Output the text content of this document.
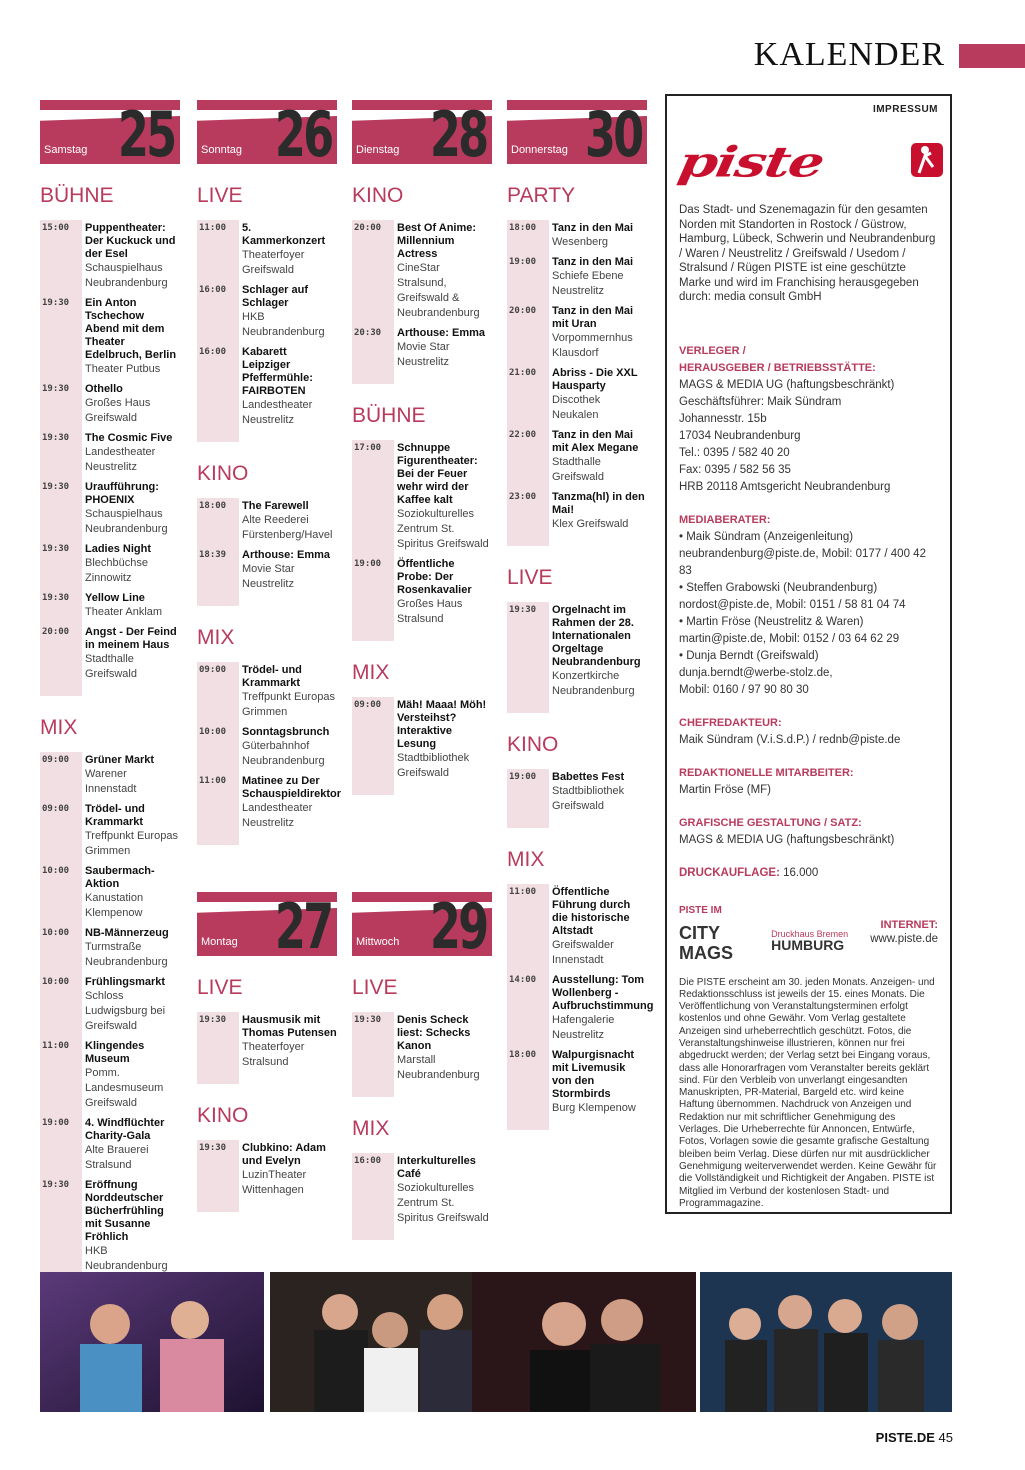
KALENDER
25
Samstag
BÜHNE
15:00 Puppentheater: Der Kuckuck und der Esel
Schauspielhaus Neubrandenburg
19:30 Ein Anton Tschechow Abend mit dem Theater Edelbruch, Berlin
Theater Putbus
19:30 Othello
Großes Haus Greifswald
19:30 The Cosmic Five
Landestheater Neustrelitz
19:30 Uraufführung: PHOENIX
Schauspielhaus Neubrandenburg
19:30 Ladies Night
Blechbüchse Zinnowitz
19:30 Yellow Line
Theater Anklam
20:00 Angst - Der Feind in meinem Haus
Stadthalle Greifswald
MIX
09:00 Grüner Markt
Warener Innenstadt
09:00 Trödel- und Krammarkt
Treffpunkt Europas Grimmen
10:00 Saubermach-Aktion
Kanustation Klempenow
10:00 NB-Männerzeug
Turmstraße Neubrandenburg
10:00 Frühlingsmarkt
Schloss Ludwigsburg bei Greifswald
11:00 Klingendes Museum
Pomm. Landesmuseum Greifswald
19:00 4. Windflüchter Charity-Gala
Alte Brauerei Stralsund
19:30 Eröffnung Norddeutscher Bücherfrühling mit Susanne Fröhlich
HKB Neubrandenburg
26
Sonntag
LIVE
11:00 5. Kammerkonzert
Theaterfoyer Greifswald
16:00 Schlager auf Schlager
HKB Neubrandenburg
16:00 Kabarett Leipziger Pfeffermühle: FAIRBOTEN
Landestheater Neustrelitz
KINO
18:00 The Farewell
Alte Reederei Fürstenberg/Havel
18:39 Arthouse: Emma
Movie Star Neustrelitz
MIX
09:00 Trödel- und Krammarkt
Treffpunkt Europas Grimmen
10:00 Sonntagsbrunch
Güterbahnhof Neubrandenburg
11:00 Matinee zu Der Schauspieldirektor
Landestheater Neustrelitz
28
Dienstag
KINO
20:00 Best Of Anime: Millennium Actress
CineStar Stralsund, Greifswald & Neubrandenburg
20:30 Arthouse: Emma
Movie Star Neustrelitz
BÜHNE
17:00 Schnuppe Figurentheater: Bei der Feuer wehr wird der Kaffee kalt
Soziokulturelles Zentrum St. Spiritus Greifswald
19:00 Öffentliche Probe: Der Rosenkavalier
Großes Haus Stralsund
MIX
09:00 Mäh! Maaa! Möh! Versteihst? Interaktive Lesung
Stadtbibliothek Greifswald
30
Donnerstag
PARTY
18:00 Tanz in den Mai
Wesenberg
19:00 Tanz in den Mai
Schiefe Ebene Neustrelitz
20:00 Tanz in den Mai mit Uran
Vorpommernhus Klausdorf
21:00 Abriss - Die XXL Hausparty
Discothek Neukalen
22:00 Tanz in den Mai mit Alex Megane
Stadthalle Greifswald
23:00 Tanzma(hl) in den Mai!
Klex Greifswald
LIVE
19:30 Orgelnacht im Rahmen der 28. Internationalen Orgeltage Neubrandenburg
Konzertkirche Neubrandenburg
KINO
19:00 Babettes Fest
Stadtbibliothek Greifswald
MIX
11:00 Öffentliche Führung durch die historische Altstadt
Greifswalder Innenstadt
14:00 Ausstellung: Tom Wollenberg - Aufbruchstimmung
Hafengalerie Neustrelitz
18:00 Walpurgisnacht mit Livemusik von den Stormbirds
Burg Klempenow
27
Montag
LIVE
19:30 Hausmusik mit Thomas Putensen
Theaterfoyer Stralsund
KINO
19:30 Clubkino: Adam und Evelyn
LuzinTheater Wittenhagen
29
Mittwoch
LIVE
19:30 Denis Scheck liest: Schecks Kanon
Marstall Neubrandenburg
MIX
16:00 Interkulturelles Café
Soziokulturelles Zentrum St. Spiritus Greifswald
IMPRESSUM
piste
Das Stadt- und Szenemagazin für den gesamten Norden mit Standorten in Rostock / Güstrow, Hamburg, Lübeck, Schwerin und Neubrandenburg / Waren / Neustrelitz / Greifswald / Usedom / Stralsund / Rügen PISTE ist eine geschützte Marke und wird im Franchising herausgegeben durch: media consult GmbH
VERLEGER /
HERAUSGEBER / BETRIEBSSTÄTTE:
MAGS & MEDIA UG (haftungsbeschränkt)
Geschäftsführer: Maik Sündram
Johannesstr. 15b
17034 Neubrandenburg
Tel.: 0395 / 582 40 20
Fax: 0395 / 582 56 35
HRB 20118 Amtsgericht Neubrandenburg
MEDIABERATER:
• Maik Sündram (Anzeigenleitung)
neubrandenburg@piste.de, Mobil: 0177 / 400 42 83
• Steffen Grabowski (Neubrandenburg)
nordost@piste.de, Mobil: 0151 / 58 81 04 74
• Martin Fröse (Neustrelitz & Waren)
martin@piste.de, Mobil: 0152 / 03 64 62 29
• Dunja Berndt (Greifswald)
dunja.berndt@werbe-stolz.de,
Mobil: 0160 / 97 90 80 30
CHEFREDAKTEUR:
Maik Sündram (V.i.S.d.P.) / rednb@piste.de
REDAKTIONELLE MITARBEITER:
Martin Fröse (MF)
GRAFISCHE GESTALTUNG / SATZ:
MAGS & MEDIA UG (haftungsbeschränkt)
DRUCKAUFLAGE: 16.000
PISTE IM
CITY
MAGS
Druckhaus Bremen
HUMBURG
INTERNET:
www.piste.de
Die PISTE erscheint am 30. jeden Monats. Anzeigen- und Redaktionsschluss ist jeweils der 15. eines Monats. Die Veröffentlichung von Veranstaltungsterminen erfolgt kostenlos und ohne Gewähr. Vom Verlag gestaltete Anzeigen sind urheberrechtlich geschützt. Fotos, die Veranstaltungshinweise illustrieren, können nur frei abgedruckt werden; der Verlag setzt bei Eingang voraus, dass alle Honorarfragen vom Veranstalter bereits geklärt sind. Für den Verbleib von unverlangt eingesandten Manuskripten, PR-Material, Bargeld etc. wird keine Haftung übernommen. Nachdruck von Anzeigen und Redaktion nur mit schriftlicher Genehmigung des Verlages. Die Urheberrechte für Annoncen, Entwürfe, Fotos, Vorlagen sowie die gesamte grafische Gestaltung bleiben beim Verlag. Diese dürfen nur mit ausdrücklicher Genehmigung weiterverwendet werden. Keine Gewähr für die Vollständigkeit und Richtigkeit der Angaben. PISTE ist Mitglied im Verbund der kostenlosen Stadt- und Programmagazine.
PISTE.DE 45
